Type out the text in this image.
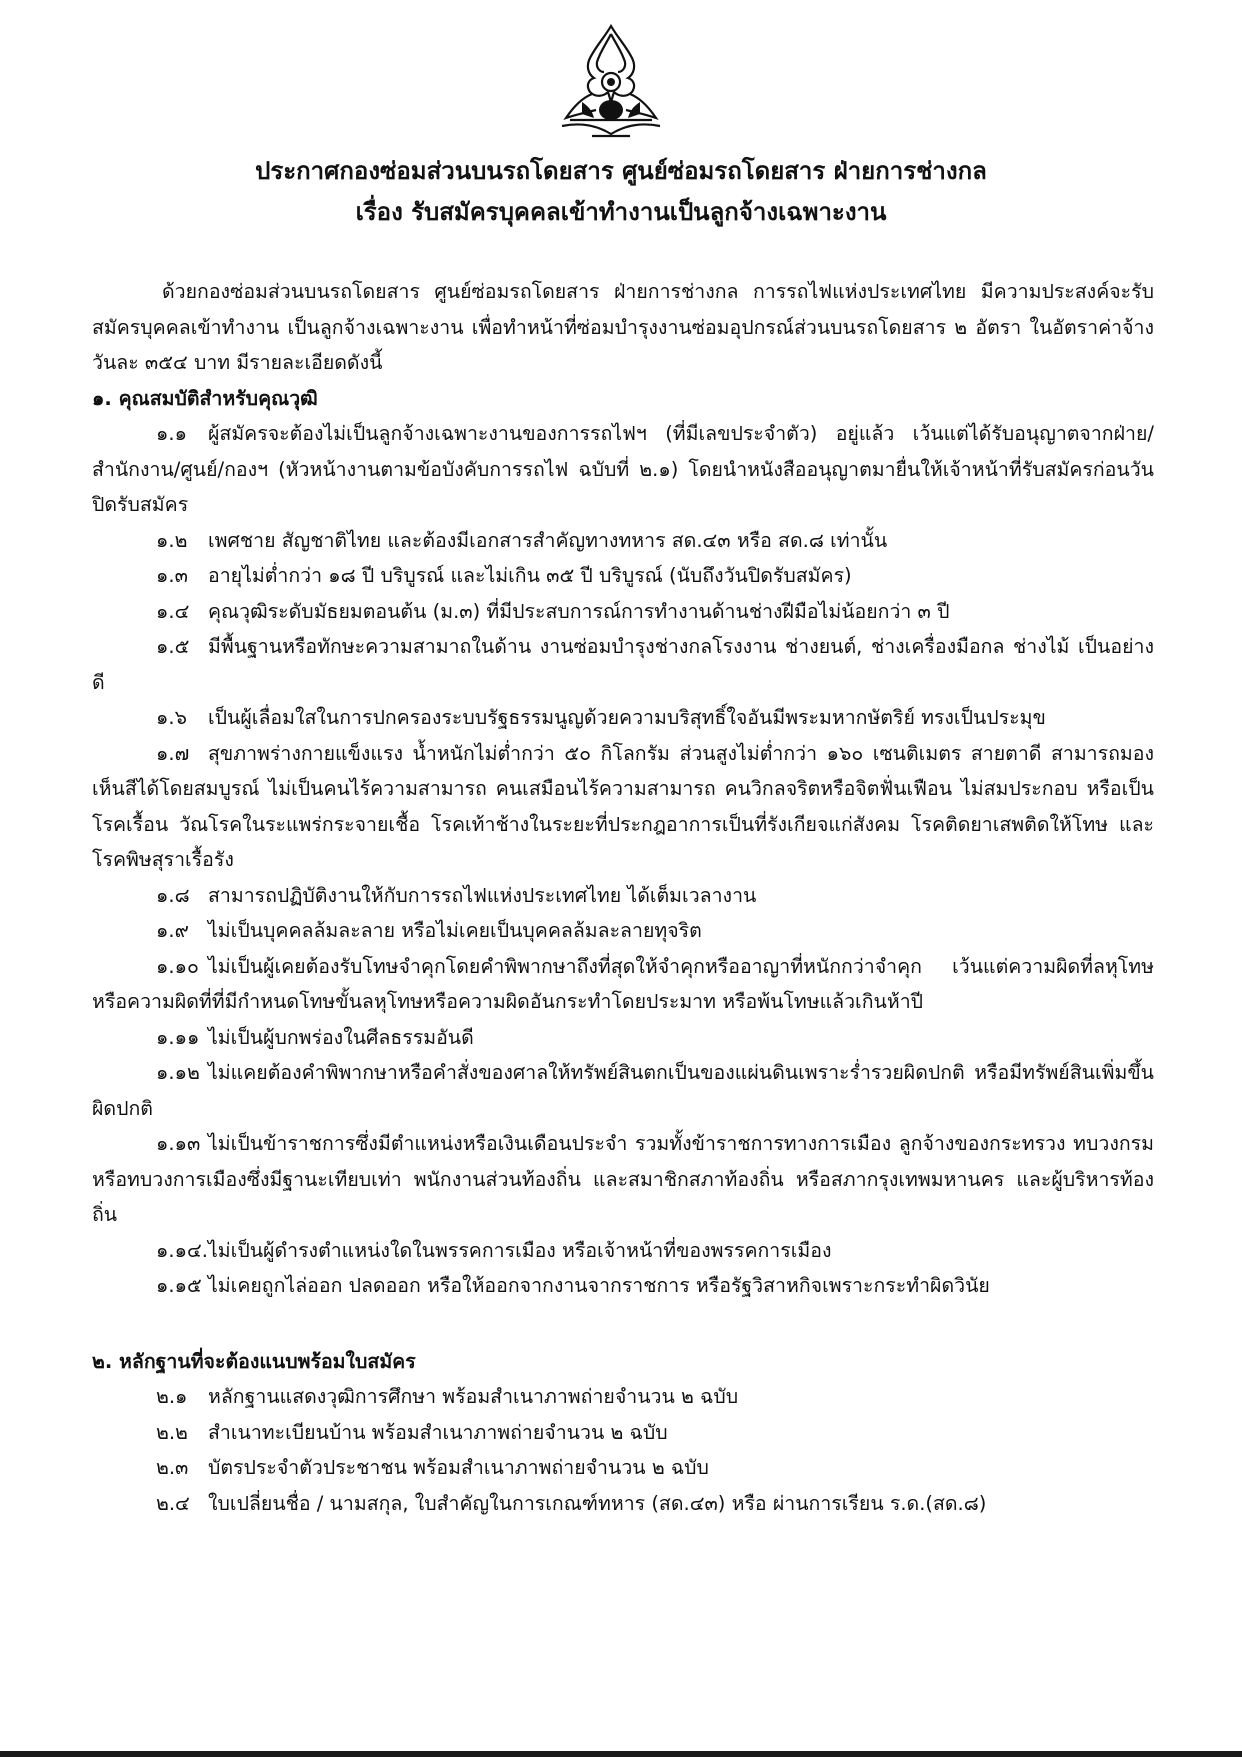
ประกาศกองซ่อมส่วนบนรถโดยสาร ศูนย์ซ่อมรถโดยสาร ฝ่ายการช่างกล
เรื่อง รับสมัครบุคคลเข้าทำงานเป็นลูกจ้างเฉพาะงาน

ด้วยกองซ่อมส่วนบนรถโดยสาร ศูนย์ซ่อมรถโดยสาร ฝ่ายการช่างกล การรถไฟแห่งประเทศไทย มีความประสงค์จะรับสมัครบุคคลเข้าทำงาน เป็นลูกจ้างเฉพาะงาน เพื่อทำหน้าที่ซ่อมบำรุงงานซ่อมอุปกรณ์ส่วนบนรถโดยสาร ๒ อัตรา ในอัตราค่าจ้างวันละ ๓๕๔ บาท มีรายละเอียดดังนี้

๑. คุณสมบัติสำหรับคุณวุฒิ

๑.๑ ผู้สมัครจะต้องไม่เป็นลูกจ้างเฉพาะงานของการรถไฟฯ (ที่มีเลขประจำตัว) อยู่แล้ว เว้นแต่ได้รับอนุญาตจากฝ่าย/สำนักงาน/ศูนย์/กองฯ (หัวหน้างานตามข้อบังคับการรถไฟ ฉบับที่ ๒.๑) โดยนำหนังสืออนุญาตมายื่นให้เจ้าหน้าที่รับสมัครก่อนวันปิดรับสมัคร

๑.๒ เพศชาย สัญชาติไทย และต้องมีเอกสารสำคัญทางทหาร สด.๔๓ หรือ สด.๘ เท่านั้น

๑.๓ อายุไม่ต่ำกว่า ๑๘ ปี บริบูรณ์ และไม่เกิน ๓๕ ปี บริบูรณ์ (นับถึงวันปิดรับสมัคร)

๑.๔ คุณวุฒิระดับมัธยมตอนต้น (ม.๓) ที่มีประสบการณ์การทำงานด้านช่างฝีมือไม่น้อยกว่า ๓ ปี

๑.๕ มีพื้นฐานหรือทักษะความสามาถในด้าน งานซ่อมบำรุงช่างกลโรงงาน ช่างยนต์, ช่างเครื่องมือกล ช่างไม้ เป็นอย่างดี

๑.๖ เป็นผู้เลื่อมใสในการปกครองระบบรัฐธรรมนูญด้วยความบริสุทธิ์ใจอันมีพระมหากษัตริย์ ทรงเป็นประมุข

๑.๗ สุขภาพร่างกายแข็งแรง น้ำหนักไม่ต่ำกว่า ๕๐ กิโลกรัม ส่วนสูงไม่ต่ำกว่า ๑๖๐ เซนติเมตร สายตาดี สามารถมองเห็นสีได้โดยสมบูรณ์ ไม่เป็นคนไร้ความสามารถ คนเสมือนไร้ความสามารถ คนวิกลจริตหรือจิตฟั่นเฟือน ไม่สมประกอบ หรือเป็นโรคเรื้อน วัณโรคในระแพร่กระจายเชื้อ โรคเท้าช้างในระยะที่ประกฎอาการเป็นที่รังเกียจแก่สังคม โรคติดยาเสพติดให้โทษ และโรคพิษสุราเรื้อรัง

๑.๘ สามารถปฏิบัติงานให้กับการรถไฟแห่งประเทศไทย ได้เต็มเวลางาน

๑.๙ ไม่เป็นบุคคลล้มละลาย หรือไม่เคยเป็นบุคคลล้มละลายทุจริต

๑.๑๐ ไม่เป็นผู้เคยต้องรับโทษจำคุกโดยคำพิพากษาถึงที่สุดให้จำคุกหรืออาญาที่หนักกว่าจำคุก เว้นแต่ความผิดที่ลหุโทษหรือความผิดที่ที่มีกำหนดโทษขั้นลหุโทษหรือความผิดอันกระทำโดยประมาท หรือพ้นโทษแล้วเกินห้าปี

๑.๑๑ ไม่เป็นผู้บกพร่องในศีลธรรมอันดี

๑.๑๒ ไม่แคยต้องคำพิพากษาหรือคำสั่งของศาลให้ทรัพย์สินตกเป็นของแผ่นดินเพราะร่ำรวยผิดปกติ หรือมีทรัพย์สินเพิ่มขึ้นผิดปกติ

๑.๑๓ ไม่เป็นข้าราชการซึ่งมีตำแหน่งหรือเงินเดือนประจำ รวมทั้งข้าราชการทางการเมือง ลูกจ้างของกระทรวง ทบวงกรม หรือทบวงการเมืองซึ่งมีฐานะเทียบเท่า พนักงานส่วนท้องถิ่น และสมาชิกสภาท้องถิ่น หรือสภากรุงเทพมหานคร และผู้บริหารท้องถิ่น

๑.๑๔.ไม่เป็นผู้ดำรงตำแหน่งใดในพรรคการเมือง หรือเจ้าหน้าที่ของพรรคการเมือง

๑.๑๕ ไม่เคยถูกไล่ออก ปลดออก หรือให้ออกจากงานจากราชการ หรือรัฐวิสาหกิจเพราะกระทำผิดวินัย

๒. หลักฐานที่จะต้องแนบพร้อมใบสมัคร

๒.๑ หลักฐานแสดงวุฒิการศึกษา พร้อมสำเนาภาพถ่ายจำนวน ๒ ฉบับ

๒.๒ สำเนาทะเบียนบ้าน พร้อมสำเนาภาพถ่ายจำนวน ๒ ฉบับ

๒.๓ บัตรประจำตัวประชาชน พร้อมสำเนาภาพถ่ายจำนวน ๒ ฉบับ

๒.๔ ใบเปลี่ยนชื่อ / นามสกุล, ใบสำคัญในการเกณฑ์ทหาร (สด.๔๓) หรือ ผ่านการเรียน ร.ด.(สด.๘)
